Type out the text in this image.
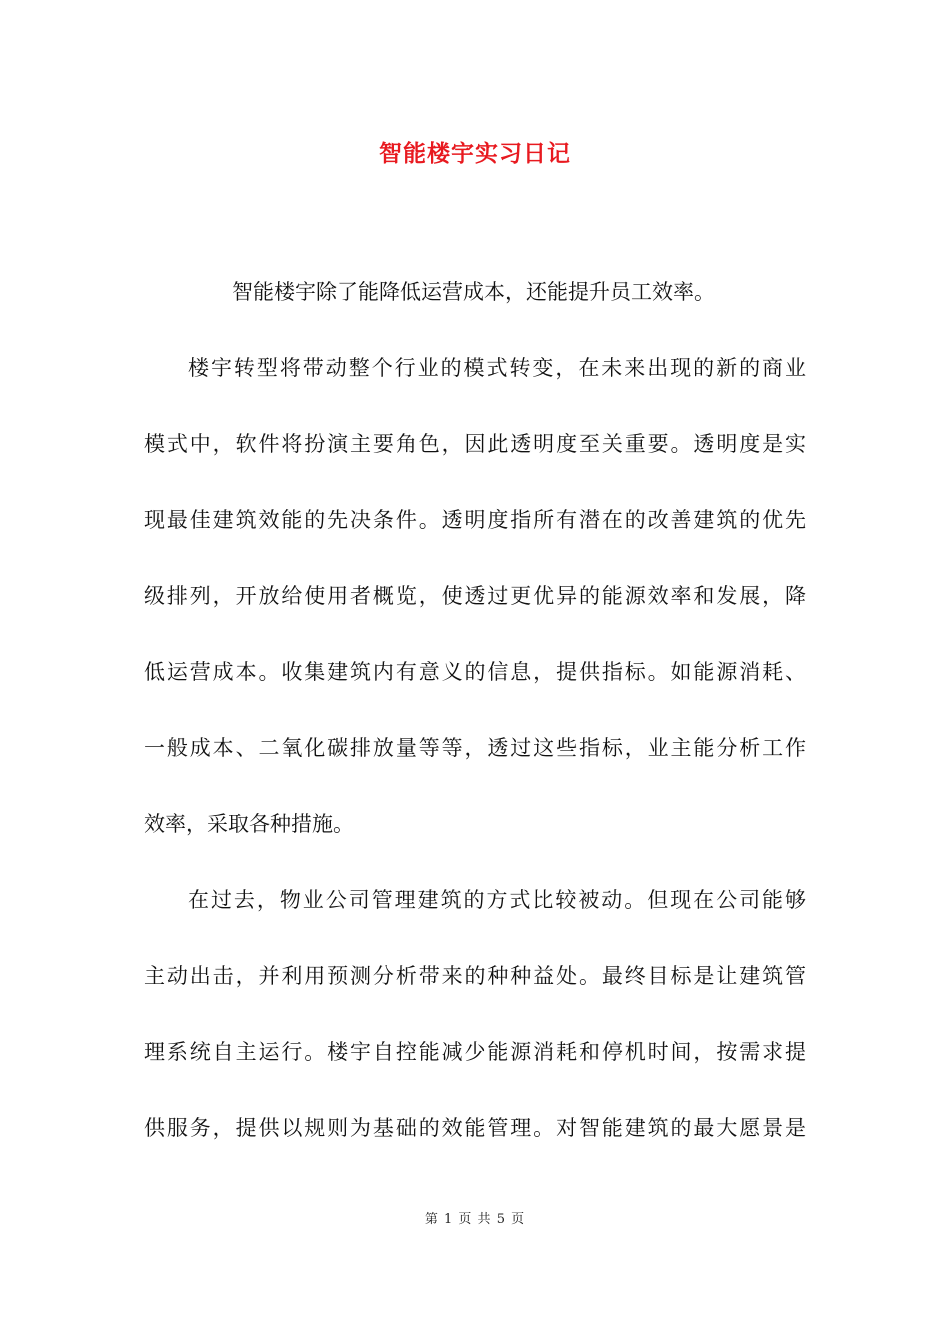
智能楼宇实习日记
智能楼宇除了能降低运营成本，还能提升员工效率。
楼宇转型将带动整个行业的模式转变，在未来出现的新的商业
模式中，软件将扮演主要角色，因此透明度至关重要。透明度是实
现最佳建筑效能的先决条件。透明度指所有潜在的改善建筑的优先
级排列，开放给使用者概览，使透过更优异的能源效率和发展，降
低运营成本。收集建筑内有意义的信息，提供指标。如能源消耗、
一般成本、二氧化碳排放量等等，透过这些指标，业主能分析工作
效率，采取各种措施。
在过去，物业公司管理建筑的方式比较被动。但现在公司能够
主动出击，并利用预测分析带来的种种益处。最终目标是让建筑管
理系统自主运行。楼宇自控能减少能源消耗和停机时间，按需求提
供服务，提供以规则为基础的效能管理。对智能建筑的最大愿景是
第 1 页 共 5 页
